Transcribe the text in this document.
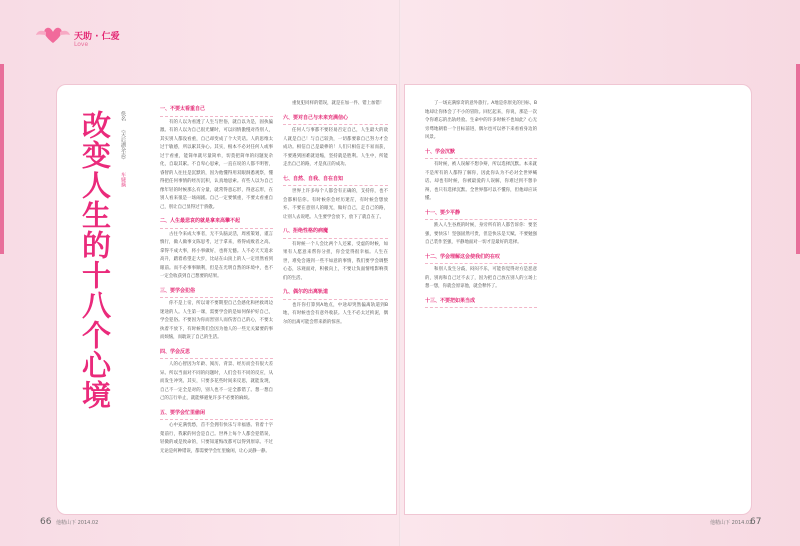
天助 · 仁爱
Love
改变人生的十八个心境 佚名 《天后湖杂志》 车婕摘
一、不要太看重自己

有的人以为看透了人生与世俗，就自以为是，固执偏激。有的人以为自己很光耀时，可以同情傲慢对待别人，其实别人都没看重，自己却变成了个大笑话。人的思维太过于敏感，所以累其身心。其实，根本不必对任何人或事过于看重，能简单就尽量简单，切莫把简单的问题复杂化，自取其累。不自卑心思索，一直在说的人都不明智，睿智的人往往是沉默的，因为他懂得用双眼洞悉观察，懂得把任何事情的经历沉积，认真地思索。有些人以为自己像年轻的时候那么有分量，就常得意忘形，得意忘形，在别人看来很是一场闹剧。自己一定要慎重，不要太看重自己，别让自己显得过于骄傲。

二、人生最悲哀的就是拿来高攀不起

古往今来成大事者，无不头脑灵活，周密策划，谨言慎行，做人做事文陈思考，过于拿来，将得成败者之高。拿得不成大事，将小事做好，也将无憾。人不必天天追求高升，踏着希望走大步，比站在山顶上的人一定坦然看到眼前。而不必事事顺利，但是在光明自然的环境中，也不一定会收获到自己想要的结果。

三、要学会犯俗

你不是上帝，所以请不要期望自己会感化和拯救周边迷途的人。人生第一课，需要学会的是如何保护好自己，学会犯俗。不要因为你而害别人而伤害自己的心，不要太执着不放下，有时候我们会因为他人的一些无关紧要的事而烦恼，而耽误了自己的生活。

四、学会反思

人的心智因为年龄、阅历、背景、经历而会有很大差异。所以当面对不同的问题时，人们会有不同的反应，从而发生冲突。其实，只要多花些时间来反思，就能发现，自己不一定全是对的，别人也不一定全都错了。想一想自己的言行举止，就能够避免许多不必要的麻烦。

五、要学会忙里偷闲

心中充满忧愁，首不会拥有快乐与幸福感。背着十字架前行，我累的何会是自己。世界上每个人都会犯错误，轻微的或是致命的，只要知道悔改都可以得到原谅。不过无论是何种错误，都需要学会忙里偷闲，让心灵静一静。

重复犯同样的错误，就是在加一件、错上加错！

六、要对自己与未来充满信心

任何人与事都不要轻易否定自己，人生最大的敌人就是自己！与自己较劲，一切都要靠自己努力才会成功。相信自己是最棒的！人们只相信走不易而获，不要遇到困难就退缩，坚持就是胜利。人生中，所能走出自己的路，才是真正的成功。

七、自然、自我、自在自知

世界上许多每个人都会有正确的，支持你，也不会都相信你。有时候你会经历迷茫，有时候会想放弃。不要在意别人的眼光，做好自己，走自己的路，让别人去说吧。人生要学会放下，放下了就自在了。

八、拒绝性格的病魔

有时候一个人会比两个人还累，受虚的时候，如果有人愿意来帮你分担，你会觉得很幸福。人生在世，难免会遇到一些不如意的事情，我们要学会调整心态，乐观面对，积极向上，不要让负面情绪影响我们的生活。

九、偶尔的出离轨道

也许你打算到A地点，中途却突然偏离轨道到B地，有时候也会有意外收获。人生不必太过拘泥，偶尔的出离可能会带来新的惊喜。

了一场充满惊奇的意外旅行。A地是你原先的目标，B地却让你体会了不小的冒险。回忆起来，你说，那是一次令你难忘的出轨经验。生命中的许多时候不也如此？心无旁骛地朝着一个目标前进，偶尔也可以停下来看看身边的风景。

十、学会沉默

有时候，被人误解不想争辩，所以选择沉默。本来就不是所有的人都得了解你，因此你认为不必对全世界喊话。却也有时候，你被最爱的人误解，你难过到不想争辩，也只有选择沉默。全世界都可以不懂你，但他却应该懂。

十一、要少平静

跌入人生谷底的时候，身旁所有的人都告诉你：要坚强，要快乐！坚强固然可贵，但是快乐是天赋。不要勉强自己装作坚强，平静地面对一切才是最好的选择。

十二、学会理解这会使我们的在叹

和别人发生分歧，闷闷不乐，可能你觉得对方是恶意的，别再和自己过不去了，因为把自己放在别人的立场上想一想，你就会原谅他，就会释怀了。

十三、不要把如果当成
66 他精山下 2014.02	他精山下 2014.02
67
